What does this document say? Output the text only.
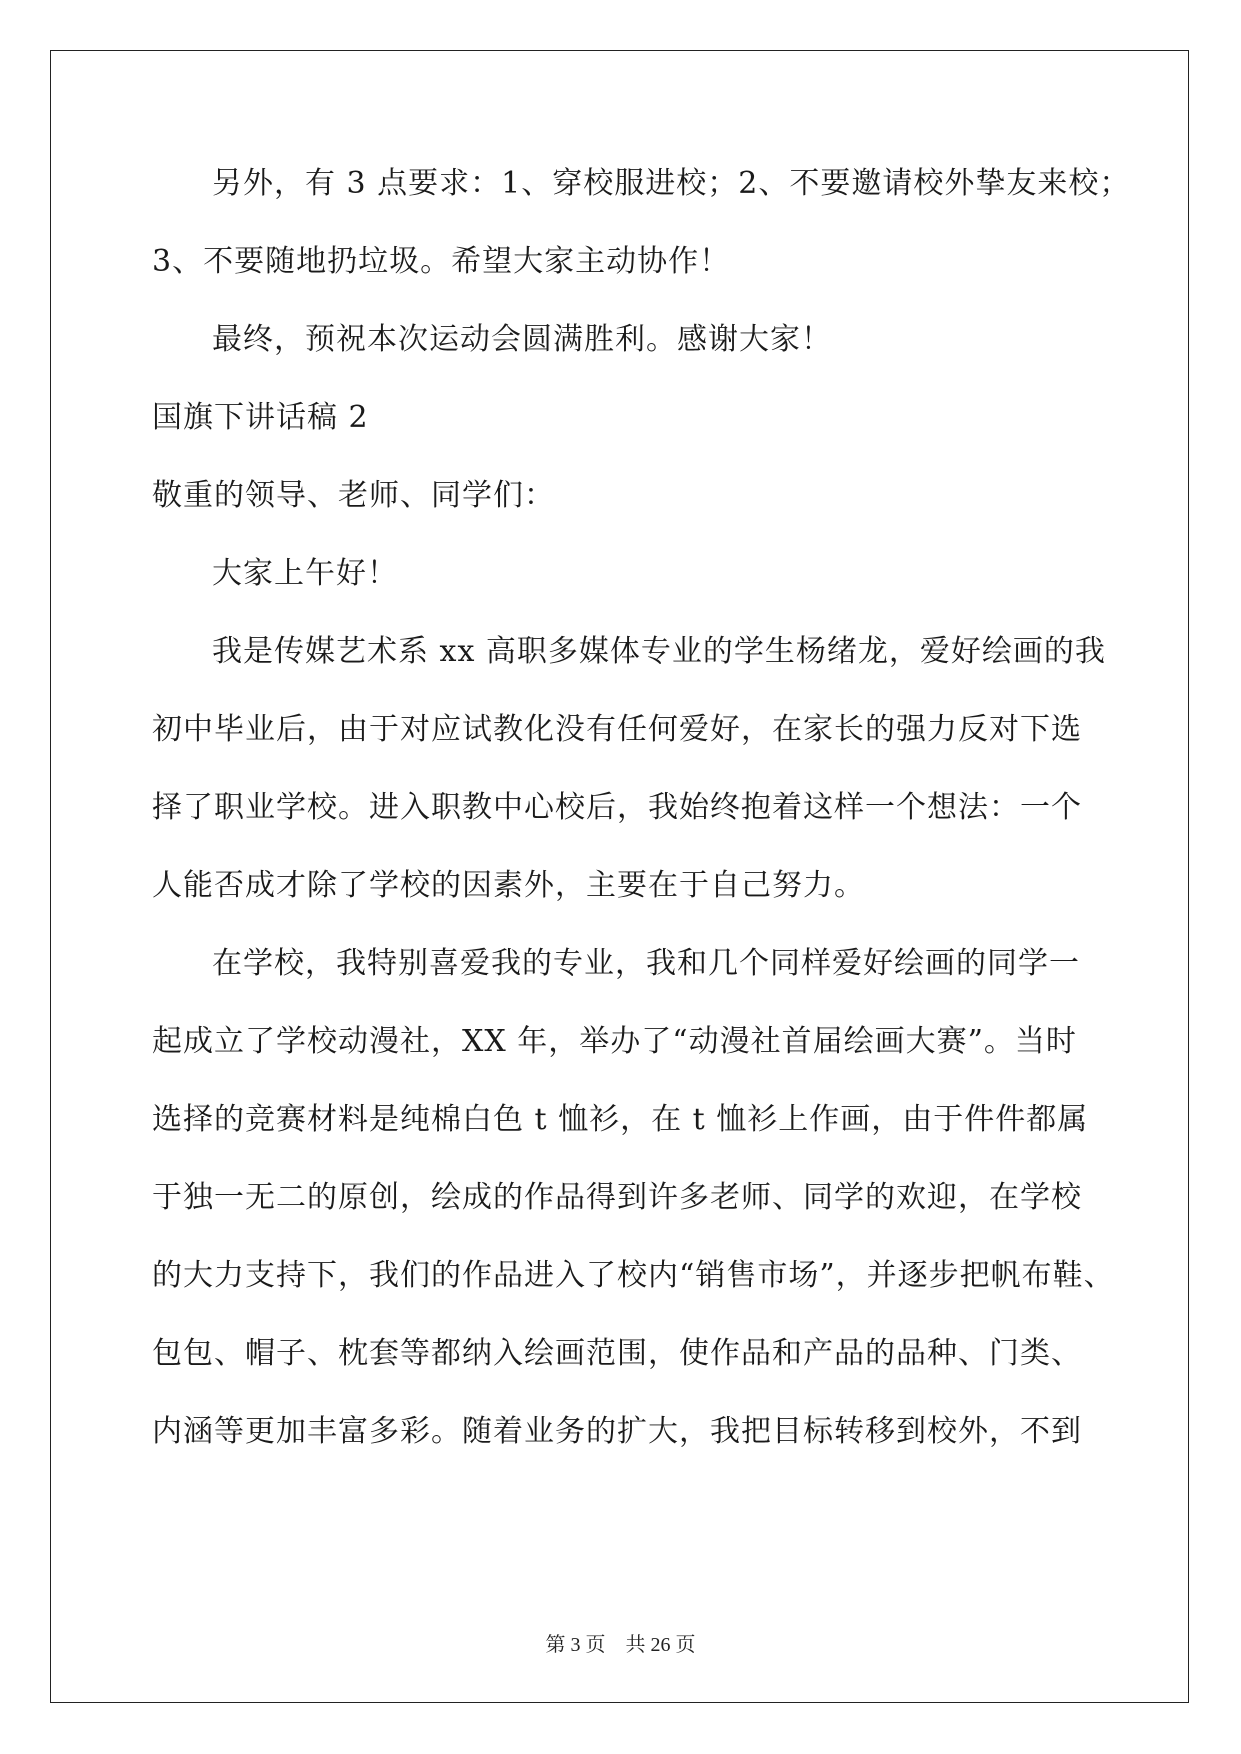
另外，有 3 点要求：1、穿校服进校；2、不要邀请校外挚友来校；
3、不要随地扔垃圾。希望大家主动协作！
最终，预祝本次运动会圆满胜利。感谢大家！
国旗下讲话稿 2
敬重的领导、老师、同学们：
大家上午好！
我是传媒艺术系 xx 高职多媒体专业的学生杨绪龙，爱好绘画的我
初中毕业后，由于对应试教化没有任何爱好，在家长的强力反对下选
择了职业学校。进入职教中心校后，我始终抱着这样一个想法：一个
人能否成才除了学校的因素外，主要在于自己努力。
在学校，我特别喜爱我的专业，我和几个同样爱好绘画的同学一
起成立了学校动漫社，XX 年，举办了“动漫社首届绘画大赛”。当时
选择的竞赛材料是纯棉白色 t 恤衫，在 t 恤衫上作画，由于件件都属
于独一无二的原创，绘成的作品得到许多老师、同学的欢迎，在学校
的大力支持下，我们的作品进入了校内“销售市场”，并逐步把帆布鞋、
包包、帽子、枕套等都纳入绘画范围，使作品和产品的品种、门类、
内涵等更加丰富多彩。随着业务的扩大，我把目标转移到校外，不到
第 3 页    共 26 页
